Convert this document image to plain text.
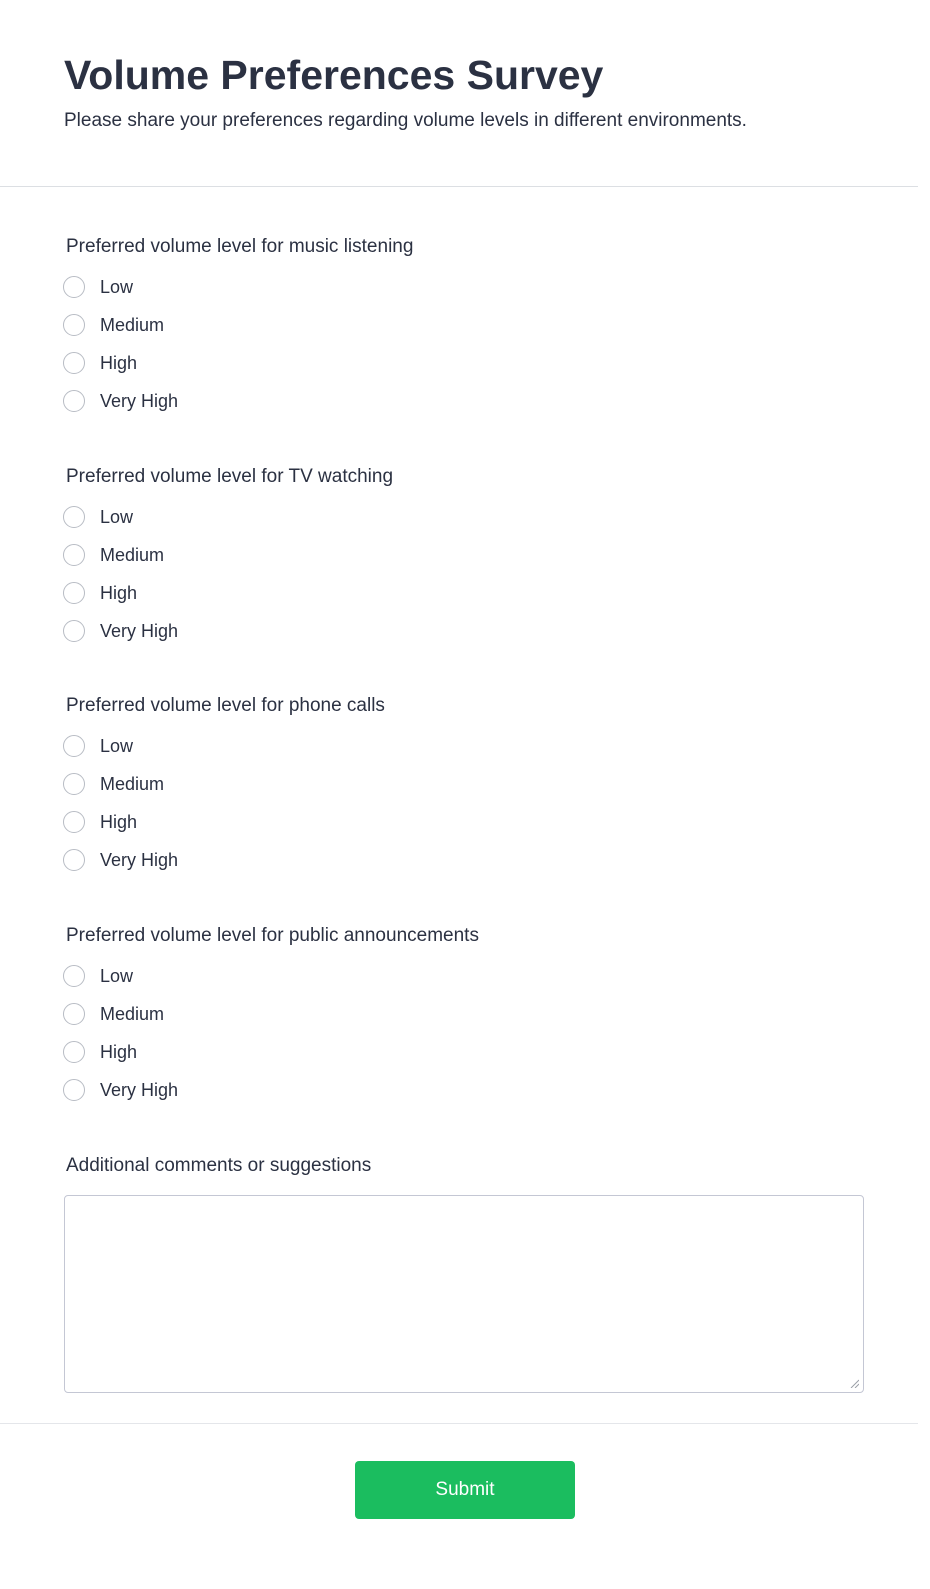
Volume Preferences Survey

Please share your preferences regarding volume levels in different environments.

Preferred volume level for music listening
Low
Medium
High
Very High
Preferred volume level for TV watching
Low
Medium
High
Very High
Preferred volume level for phone calls
Low
Medium
High
Very High
Preferred volume level for public announcements
Low
Medium
High
Very High
Additional comments or suggestions
Submit
